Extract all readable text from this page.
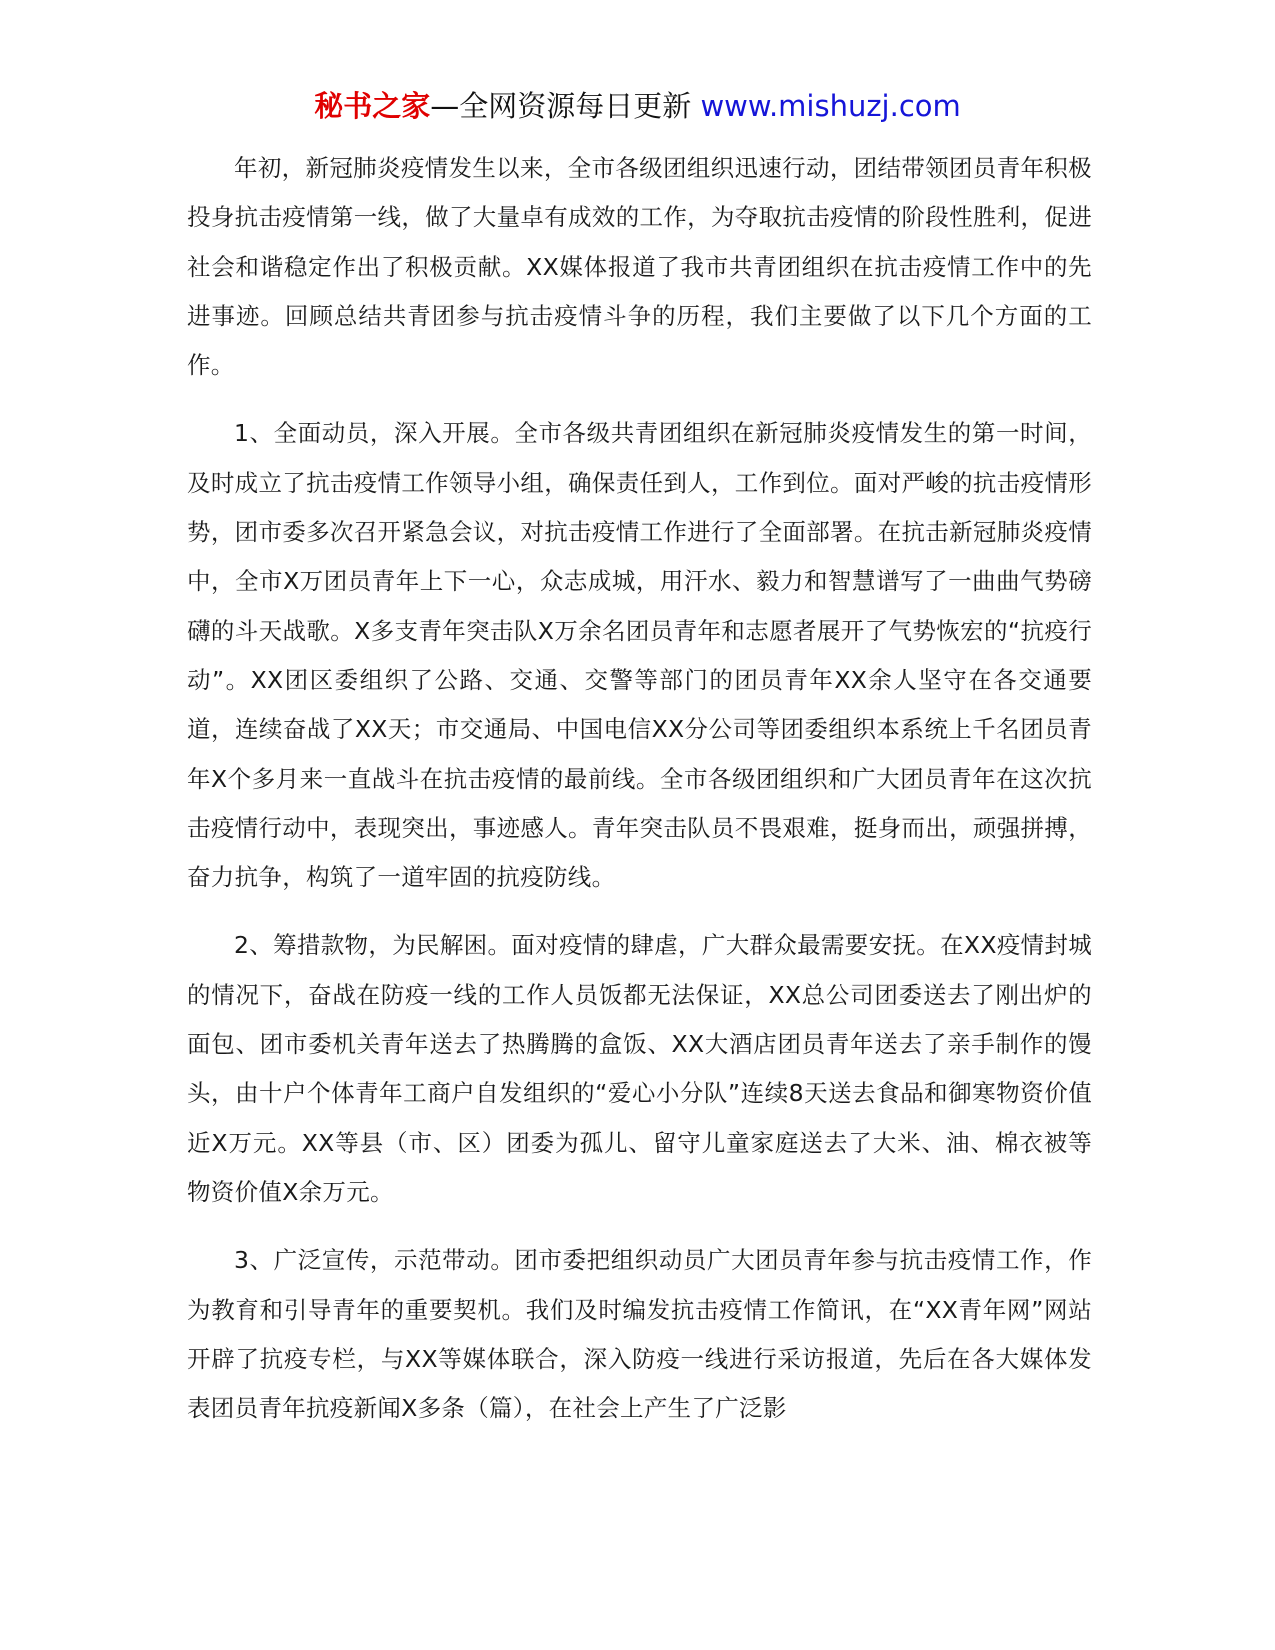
秘书之家—全网资源每日更新 www.mishuzj.com

年初，新冠肺炎疫情发生以来，全市各级团组织迅速行动，团结带领团员青年积极投身抗击疫情第一线，做了大量卓有成效的工作，为夺取抗击疫情的阶段性胜利，促进社会和谐稳定作出了积极贡献。XX媒体报道了我市共青团组织在抗击疫情工作中的先进事迹。回顾总结共青团参与抗击疫情斗争的历程，我们主要做了以下几个方面的工作。

1、全面动员，深入开展。全市各级共青团组织在新冠肺炎疫情发生的第一时间，及时成立了抗击疫情工作领导小组，确保责任到人，工作到位。面对严峻的抗击疫情形势，团市委多次召开紧急会议，对抗击疫情工作进行了全面部署。在抗击新冠肺炎疫情中，全市X万团员青年上下一心，众志成城，用汗水、毅力和智慧谱写了一曲曲气势磅礴的斗天战歌。X多支青年突击队X万余名团员青年和志愿者展开了气势恢宏的“抗疫行动”。XX团区委组织了公路、交通、交警等部门的团员青年XX余人坚守在各交通要道，连续奋战了XX天；市交通局、中国电信XX分公司等团委组织本系统上千名团员青年X个多月来一直战斗在抗击疫情的最前线。全市各级团组织和广大团员青年在这次抗击疫情行动中，表现突出，事迹感人。青年突击队员不畏艰难，挺身而出，顽强拼搏，奋力抗争，构筑了一道牢固的抗疫防线。

2、筹措款物，为民解困。面对疫情的肆虐，广大群众最需要安抚。在XX疫情封城的情况下，奋战在防疫一线的工作人员饭都无法保证，XX总公司团委送去了刚出炉的面包、团市委机关青年送去了热腾腾的盒饭、XX大酒店团员青年送去了亲手制作的馒头，由十户个体青年工商户自发组织的“爱心小分队”连续8天送去食品和御寒物资价值近X万元。XX等县（市、区）团委为孤儿、留守儿童家庭送去了大米、油、棉衣被等物资价值X余万元。

3、广泛宣传，示范带动。团市委把组织动员广大团员青年参与抗击疫情工作，作为教育和引导青年的重要契机。我们及时编发抗击疫情工作简讯，在“XX青年网”网站开辟了抗疫专栏，与XX等媒体联合，深入防疫一线进行采访报道，先后在各大媒体发表团员青年抗疫新闻X多条（篇），在社会上产生了广泛影
